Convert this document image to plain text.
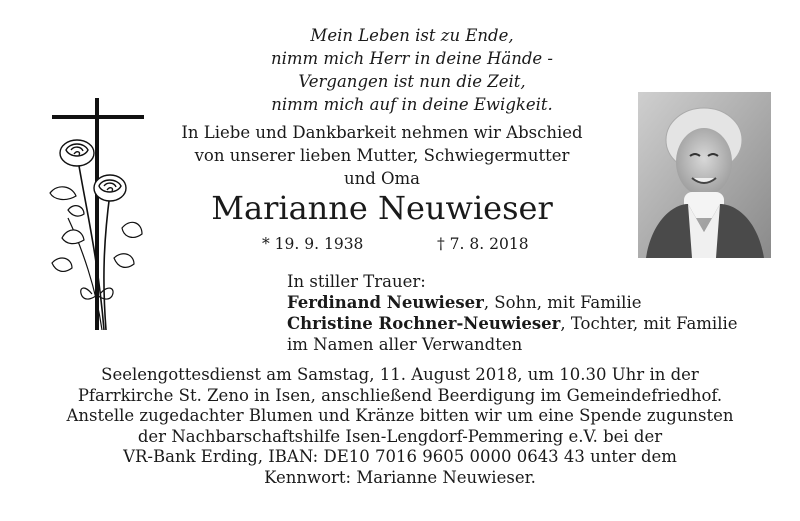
Mein Leben ist zu Ende,
nimm mich Herr in deine Hände -
Vergangen ist nun die Zeit,
nimm mich auf in deine Ewigkeit.
In Liebe und Dankbarkeit nehmen wir Abschied
von unserer lieben Mutter, Schwiegermutter
und Oma
Marianne Neuwieser
* 19. 9. 1938	† 7. 8. 2018
In stiller Trauer:
Ferdinand Neuwieser, Sohn, mit Familie
Christine Rochner-Neuwieser, Tochter, mit Familie
im Namen aller Verwandten
Seelengottesdienst am Samstag, 11. August 2018, um 10.30 Uhr in der
Pfarrkirche St. Zeno in Isen, anschließend Beerdigung im Gemeindefriedhof.
Anstelle zugedachter Blumen und Kränze bitten wir um eine Spende zugunsten
der Nachbarschaftshilfe Isen-Lengdorf-Pemmering e.V. bei der
VR-Bank Erding, IBAN: DE10 7016 9605 0000 0643 43 unter dem
Kennwort: Marianne Neuwieser.
